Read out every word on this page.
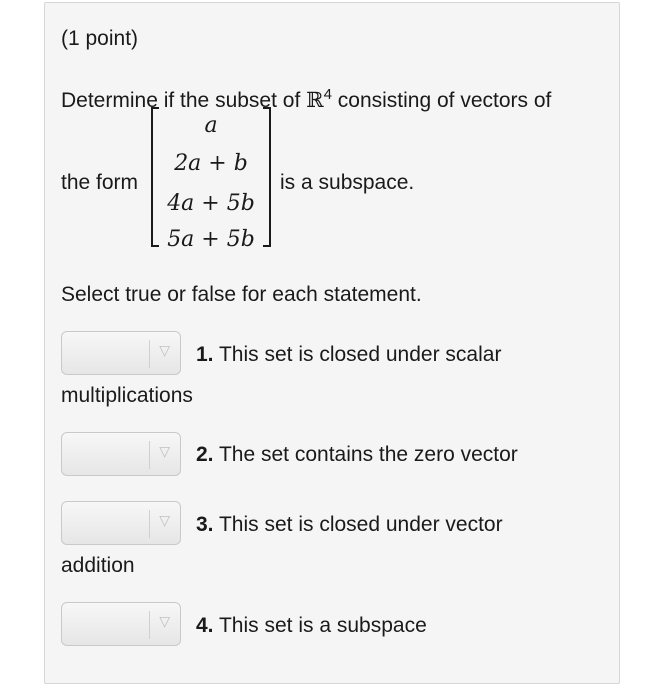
(1 point)
Determine if the subset of ℝ$^4$ consisting of vectors of
the form
a
2a + b
4a + 5b
5a + 5b
is a subspace.
Select true or false for each statement.
▽ 1. This set is closed under scalar
multiplications
▽ 2. The set contains the zero vector
▽ 3. This set is closed under vector
addition
▽ 4. This set is a subspace
